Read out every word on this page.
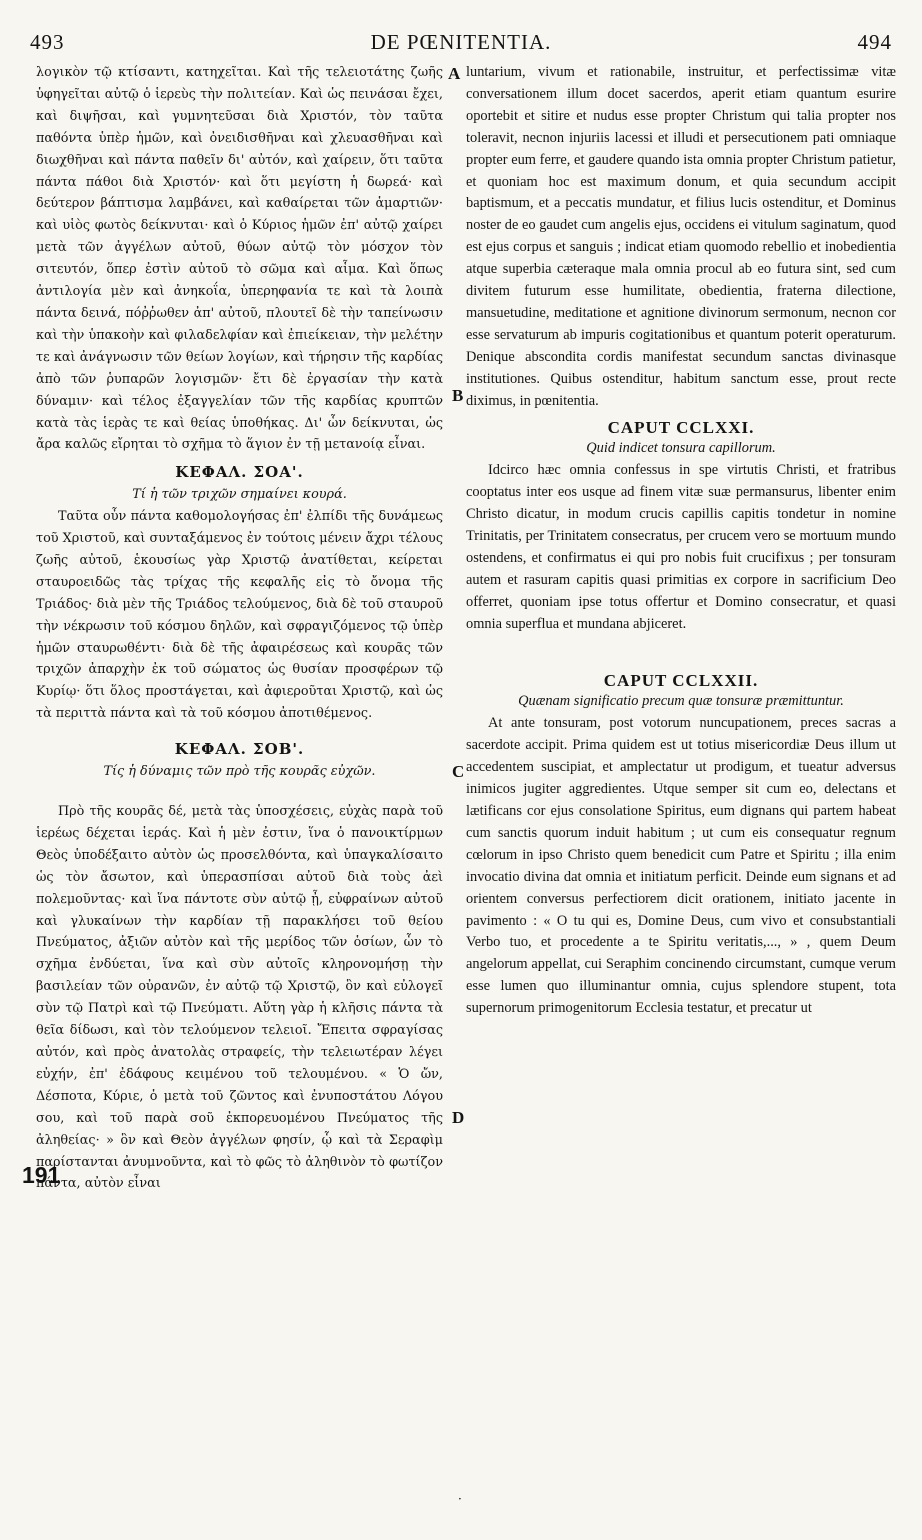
493	DE PŒNITENTIA.	494

λογικὸν τῷ κτίσαντι, κατηχεῖται. Καὶ τῆς τελειοτάτης ζωῆς ὑφηγεῖται αὐτῷ ὁ ἱερεὺς τὴν πολιτείαν. Καὶ ὡς πεινάσαι ἔχει, καὶ διψῆσαι, καὶ γυμνητεῦσαι διὰ Χριστόν, τὸν ταῦτα παθόντα ὑπὲρ ἡμῶν, καὶ ὀνειδισθῆναι καὶ χλευασθῆναι καὶ διωχθῆναι καὶ πάντα παθεῖν δι' αὐτόν, καὶ χαίρειν, ὅτι ταῦτα πάντα πάθοι διὰ Χριστόν· καὶ ὅτι μεγίστη ἡ δωρεά· καὶ δεύτερον βάπτισμα λαμβάνει, καὶ καθαίρεται τῶν ἁμαρτιῶν· καὶ υἱὸς φωτὸς δείκνυται· καὶ ὁ Κύριος ἡμῶν ἐπ' αὐτῷ χαίρει μετὰ τῶν ἀγγέλων αὐτοῦ, θύων αὐτῷ τὸν μόσχον τὸν σιτευτόν, ὅπερ ἐστὶν αὐτοῦ τὸ σῶμα καὶ αἷμα. Καὶ ὅπως ἀντιλογία μὲν καὶ ἀνηκοΐα, ὑπερηφανία τε καὶ τὰ λοιπὰ πάντα δεινά, πόῤῥωθεν ἀπ' αὐτοῦ, πλουτεῖ δὲ τὴν ταπείνωσιν καὶ τὴν ὑπακοὴν καὶ φιλαδελφίαν καὶ ἐπιείκειαν, τὴν μελέτην τε καὶ ἀνάγνωσιν τῶν θείων λογίων, καὶ τήρησιν τῆς καρδίας ἀπὸ τῶν ῥυπαρῶν λογισμῶν· ἔτι δὲ ἐργασίαν τὴν κατὰ δύναμιν· καὶ τέλος ἐξαγγελίαν τῶν τῆς καρδίας κρυπτῶν κατὰ τὰς ἱερὰς τε καὶ θείας ὑποθήκας. Δι' ὧν δείκνυται, ὡς ἄρα καλῶς εἴρηται τὸ σχῆμα τὸ ἅγιον ἐν τῇ μετανοίᾳ εἶναι.

ΚΕΦΑΛ. ΣΟΑ'.

Τί ἡ τῶν τριχῶν σημαίνει κουρά.

Ταῦτα οὖν πάντα καθομολογήσας ἐπ' ἐλπίδι τῆς δυνάμεως τοῦ Χριστοῦ, καὶ συνταξάμενος ἐν τούτοις μένειν ἄχρι τέλους ζωῆς αὐτοῦ, ἑκουσίως γὰρ Χριστῷ ἀνατίθεται, κείρεται σταυροειδῶς τὰς τρίχας τῆς κεφαλῆς εἰς τὸ ὄνομα τῆς Τριάδος· διὰ μὲν τῆς Τριάδος τελούμενος, διὰ δὲ τοῦ σταυροῦ τὴν νέκρωσιν τοῦ κόσμου δηλῶν, καὶ σφραγιζόμενος τῷ ὑπὲρ ἡμῶν σταυρωθέντι· διὰ δὲ τῆς ἀφαιρέσεως καὶ κουρᾶς τῶν τριχῶν ἀπαρχὴν ἐκ τοῦ σώματος ὡς θυσίαν προσφέρων τῷ Κυρίῳ· ὅτι ὅλος προστάγεται, καὶ ἀφιεροῦται Χριστῷ, καὶ ὡς τὰ περιττὰ πάντα καὶ τὰ τοῦ κόσμου ἀποτιθέμενος.

ΚΕΦΑΛ. ΣΟΒ'.

Τίς ἡ δύναμις τῶν πρὸ τῆς κουρᾶς εὐχῶν.

Πρὸ τῆς κουρᾶς δέ, μετὰ τὰς ὑποσχέσεις, εὐχὰς παρὰ τοῦ ἱερέως δέχεται ἱεράς. Καὶ ἡ μὲν ἐστιν, ἵνα ὁ πανοικτίρμων Θεὸς ὑποδέξαιτο αὐτὸν ὡς προσελθόντα, καὶ ὑπαγκαλίσαιτο ὡς τὸν ἄσωτον, καὶ ὑπερασπίσαι αὐτοῦ διὰ τοὺς ἀεὶ πολεμοῦντας· καὶ ἵνα πάντοτε σὺν αὐτῷ ᾖ, εὐφραίνων αὐτοῦ καὶ γλυκαίνων τὴν καρδίαν τῇ παρακλήσει τοῦ θείου Πνεύματος, ἀξιῶν αὐτὸν καὶ τῆς μερίδος τῶν ὁσίων, ὧν τὸ σχῆμα ἐνδύεται, ἵνα καὶ σὺν αὐτοῖς κληρονομήσῃ τὴν βασιλείαν τῶν οὐρανῶν, ἐν αὐτῷ τῷ Χριστῷ, ὃν καὶ εὐλογεῖ σὺν τῷ Πατρὶ καὶ τῷ Πνεύματι. Αὕτη γὰρ ἡ κλῆσις πάντα τὰ θεῖα δίδωσι, καὶ τὸν τελούμενον τελειοῖ. Ἔπειτα σφραγίσας αὐτόν, καὶ πρὸς ἀνατολὰς στραφείς, τὴν τελειωτέραν λέγει εὐχήν, ἐπ' ἐδάφους κειμένου τοῦ τελουμένου. « Ὁ ὤν, Δέσποτα, Κύριε, ὁ μετὰ τοῦ ζῶντος καὶ ἐνυποστάτου Λόγου σου, καὶ τοῦ παρὰ σοῦ ἐκπορευομένου Πνεύματος τῆς ἀληθείας· » ὃν καὶ Θεὸν ἀγγέλων φησίν, ᾧ καὶ τὰ Σεραφὶμ παρίστανται ἀνυμνοῦντα, καὶ τὸ φῶς τὸ ἀληθινὸν τὸ φωτίζον πάντα, αὐτὸν εἶναι

luntarium, vivum et rationabile, instruitur, et perfectissimæ vitæ conversationem illum docet sacerdos, aperit etiam quantum esurire oportebit et sitire et nudus esse propter Christum qui talia propter nos toleravit, necnon injuriis lacessi et illudi et persecutionem pati omniaque propter eum ferre, et gaudere quando ista omnia propter Christum patietur, et quoniam hoc est maximum donum, et quia secundum accipit baptismum, et a peccatis mundatur, et filius lucis ostenditur, et Dominus noster de eo gaudet cum angelis ejus, occidens ei vitulum saginatum, quod est ejus corpus et sanguis ; indicat etiam quomodo rebellio et inobedientia atque superbia cæteraque mala omnia procul ab eo futura sint, sed cum divitem futurum esse humilitate, obedientia, fraterna dilectione, mansuetudine, meditatione et agnitione divinorum sermonum, necnon cor esse servaturum ab impuris cogitationibus et quantum poterit operaturum. Denique abscondita cordis manifestat secundum sanctas divinasque institutiones. Quibus ostenditur, habitum sanctum esse, prout recte diximus, in pœnitentia.

CAPUT CCLXXI.

Quid indicet tonsura capillorum.

Idcirco hæc omnia confessus in spe virtutis Christi, et fratribus cooptatus inter eos usque ad finem vitæ suæ permansurus, libenter enim Christo dicatur, in modum crucis capillis capitis tondetur in nomine Trinitatis, per Trinitatem consecratus, per crucem vero se mortuum mundo ostendens, et confirmatus ei qui pro nobis fuit crucifixus ; per tonsuram autem et rasuram capitis quasi primitias ex corpore in sacrificium Deo offerret, quoniam ipse totus offertur et Domino consecratur, et quasi omnia superflua et mundana abjiceret.

CAPUT CCLXXII.

Quænam significatio precum quæ tonsuræ præmittuntur.

At ante tonsuram, post votorum nuncupationem, preces sacras a sacerdote accipit. Prima quidem est ut totius misericordiæ Deus illum ut accedentem suscipiat, et amplectatur ut prodigum, et tueatur adversus inimicos jugiter aggredientes. Utque semper sit cum eo, delectans et lætificans cor ejus consolatione Spiritus, eum dignans qui partem habeat cum sanctis quorum induit habitum ; ut cum eis consequatur regnum cœlorum in ipso Christo quem benedicit cum Patre et Spiritu ; illa enim invocatio divina dat omnia et initiatum perficit. Deinde eum signans et ad orientem conversus perfectiorem dicit orationem, initiato jacente in pavimento : « O tu qui es, Domine Deus, cum vivo et consubstantiali Verbo tuo, et procedente a te Spiritu veritatis,..., » , quem Deum angelorum appellat, cui Seraphim concinendo circumstant, cumque verum esse lumen quo illuminantur omnia, cujus splendore stupent, tota supernorum primogenitorum Ecclesia testatur, et precatur ut

A
B
C
D
191
·
